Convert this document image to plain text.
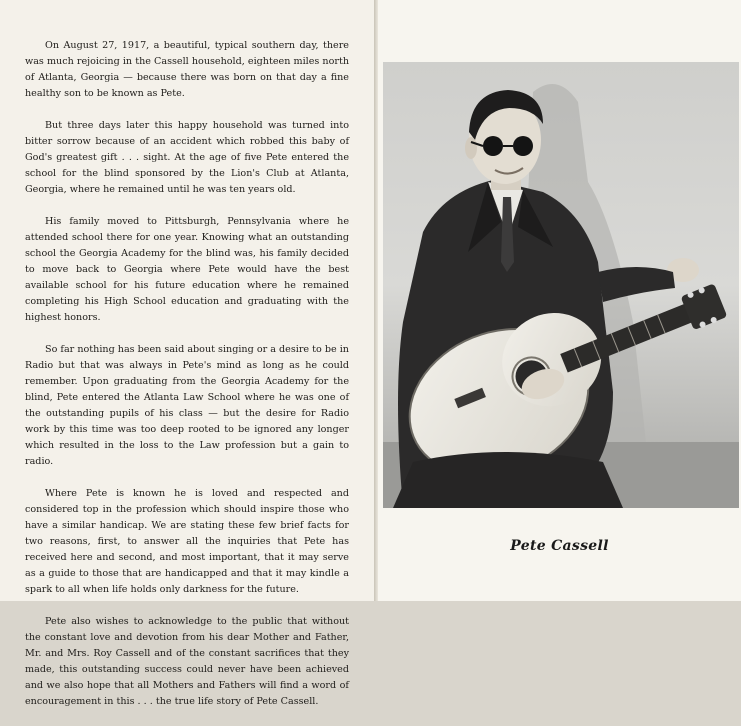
On August 27, 1917, a beautiful, typical southern day, there was much rejoicing in the Cassell household, eighteen miles north of Atlanta, Georgia — because there was born on that day a fine healthy son to be known as Pete.

But three days later this happy household was turned into bitter sorrow because of an accident which robbed this baby of God's greatest gift . . . sight. At the age of five Pete entered the school for the blind sponsored by the Lion's Club at Atlanta, Georgia, where he remained until he was ten years old.

His family moved to Pittsburgh, Pennsylvania where he attended school there for one year. Knowing what an outstanding school the Georgia Academy for the blind was, his family decided to move back to Georgia where Pete would have the best available school for his future education where he remained completing his High School education and graduating with the highest honors.

So far nothing has been said about singing or a desire to be in Radio but that was always in Pete's mind as long as he could remember. Upon graduating from the Georgia Academy for the blind, Pete entered the Atlanta Law School where he was one of the outstanding pupils of his class — but the desire for Radio work by this time was too deep rooted to be ignored any longer which resulted in the loss to the Law profession but a gain to radio.

Where Pete is known he is loved and respected and considered top in the profession which should inspire those who have a similar handicap. We are stating these few brief facts for two reasons, first, to answer all the inquiries that Pete has received here and second, and most important, that it may serve as a guide to those that are handicapped and that it may kindle a spark to all when life holds only darkness for the future.

Pete also wishes to acknowledge to the public that without the constant love and devotion from his dear Mother and Father, Mr. and Mrs. Roy Cassell and of the constant sacrifices that they made, this outstanding success could never have been achieved and we also hope that all Mothers and Fathers will find a word of encouragement in this . . . the true life story of Pete Cassell.

Pete Cassell
